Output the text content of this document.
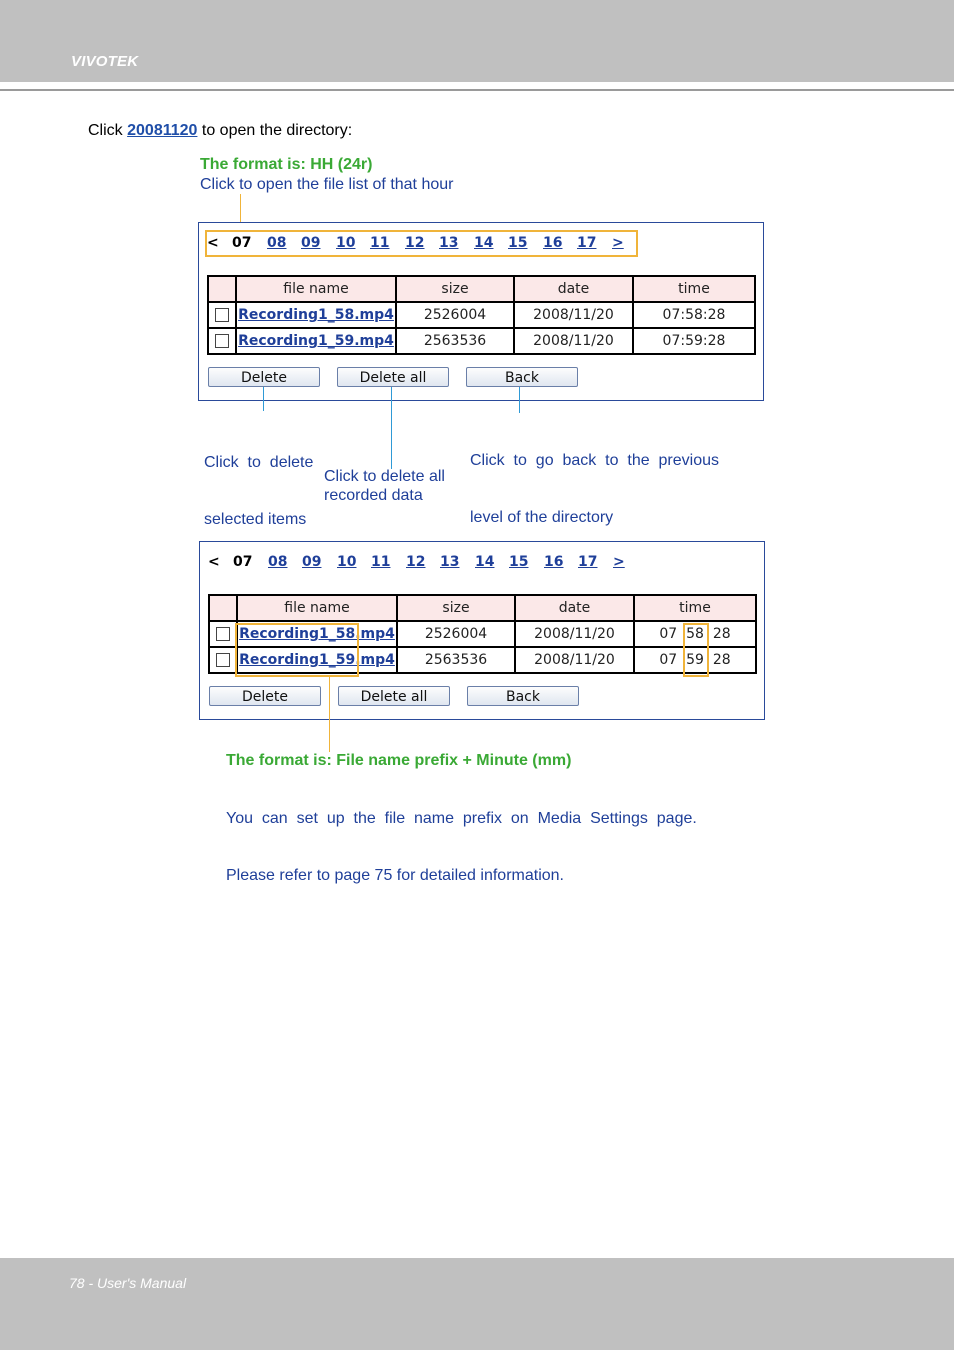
VIVOTEK
Click 20081120 to open the directory:
The format is: HH (24r)
Click to open the file list of that hour
< 07 08 09 10 11 12 13 14 15 16 17 >
	file name	size	date	time
	Recording1_58.mp4	2526004	2008/11/20	07:58:28
	Recording1_59.mp4	2563536	2008/11/20	07:59:28
Delete	Delete all	Back

Click  to  delete

selected items

Click  to  go  back  to  the  previous

level of the directory

Click to delete all
recorded data
< 07 08 09 10 11 12 13 14 15 16 17 >
	file name	size	date	time
	Recording1_58.mp4	2526004	2008/11/20	07 58 28
	Recording1_59.mp4	2563536	2008/11/20	07 59 28
Delete	Delete all	Back
The format is: File name prefix + Minute (mm)

You  can  set  up  the  file  name  prefix  on  Media  Settings  page.

Please refer to page 75 for detailed information.

78 - User's Manual
